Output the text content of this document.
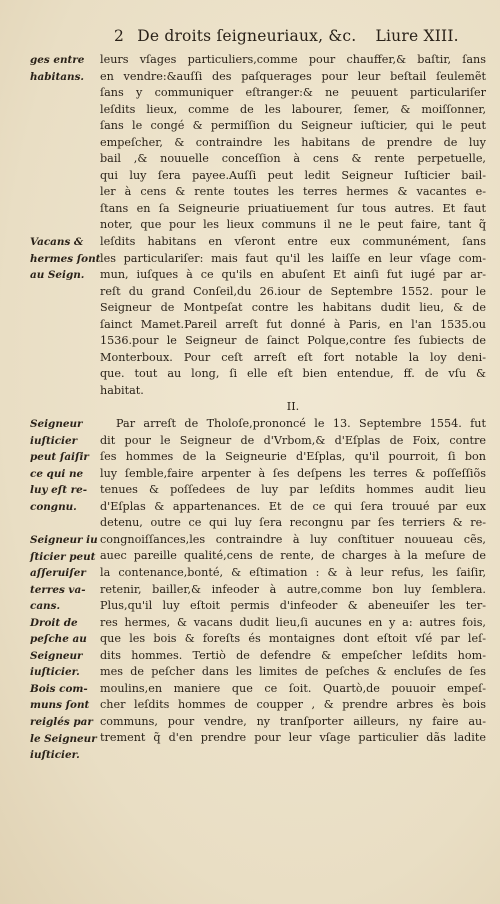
2 De droits ſeigneuriaux, &c. Liure XIII.
ges entre
habitans.
Vacans &
hermes ſont
au Seign.
Seigneur
iuſticier
peut ſaiſir
ce qui ne
luy eſt re-
congnu.
Seigneur iu
ſticier peut
aſſeruiſer
terres va-
cans.
Droit de
peſche au
Seigneur
iuſticier.
Bois com-
muns ſont
reiglés par
le Seigneur
iuſticier.
leurs vſages particuliers,comme pour chauffer,& baſtir, ſans
en vendre:&auſſi des paſquerages pour leur beſtail ſeulemẽt
ſans y communiquer eſtranger:& ne peuuent particulariſer
leſdits lieux, comme de les labourer, ſemer, & moiſſonner,
ſans le congé & permiſſion du Seigneur iuſticier, qui le peut
empeſcher, & contraindre les habitans de prendre de luy
bail ,& nouuelle conceſſion à cens & rente perpetuelle,
qui luy ſera payee.Auſſi peut ledit Seigneur Iuſticier bail-
ler à cens & rente toutes les terres hermes & vacantes e-
ſtans en ſa Seigneurie priuatiuement ſur tous autres. Et faut
noter, que pour les lieux communs il ne le peut faire, tant q̃
leſdits habitans en vſeront entre eux communément, ſans
les particulariſer: mais faut qu'il les laiſſe en leur vſage com-
mun, iuſques à ce qu'ils en abuſent Et ainſi fut iugé par ar-
reſt du grand Conſeil,du 26.iour de Septembre 1552. pour le
Seigneur de Montpeſat contre les habitans dudit lieu, & de
ſainct Mamet.Pareil arreſt fut donné à Paris, en l'an 1535.ou
1536.pour le Seigneur de ſainct Polque,contre ſes ſubiects de
Monterboux. Pour ceſt arreſt eſt fort notable la loy deni-
que. tout au long, ſi elle eſt bien entendue, ff. de vſu &
habitat.
II.
Par arreſt de Tholoſe,prononcé le 13. Septembre 1554. fut
dit pour le Seigneur de d'Vrbom,& d'Eſplas de Foix, contre
ſes hommes de la Seigneurie d'Eſplas, qu'il pourroit, ſi bon
luy ſemble,faire arpenter à ſes deſpens les terres & poſſeſſiõs
tenues & poſſedees de luy par leſdits hommes audit lieu
d'Eſplas & appartenances. Et de ce qui ſera trouué par eux
detenu, outre ce qui luy ſera recongnu par ſes terriers & re-
congnoiſſances,les contraindre à luy conſtituer nouueau cẽs,
auec pareille qualité,cens de rente, de charges à la meſure de
la contenance,bonté, & eſtimation : & à leur refus, les ſaiſir,
retenir, bailler,& infeoder à autre,comme bon luy ſemblera.
Plus,qu'il luy eſtoit permis d'infeoder & abeneuiſer les ter-
res hermes, & vacans dudit lieu,ſi aucunes en y a: autres fois,
que les bois & foreſts és montaignes dont eſtoit vſé par leſ-
dits hommes. Tertiò de defendre & empeſcher leſdits hom-
mes de peſcher dans les limites de peſches & encluſes de ſes
moulins,en maniere que ce ſoit. Quartò,de pouuoir empeſ-
cher leſdits hommes de coupper , & prendre arbres ès bois
communs, pour vendre, ny tranſporter ailleurs, ny faire au-
trement q̃ d'en prendre pour leur vſage particulier dãs ladite
